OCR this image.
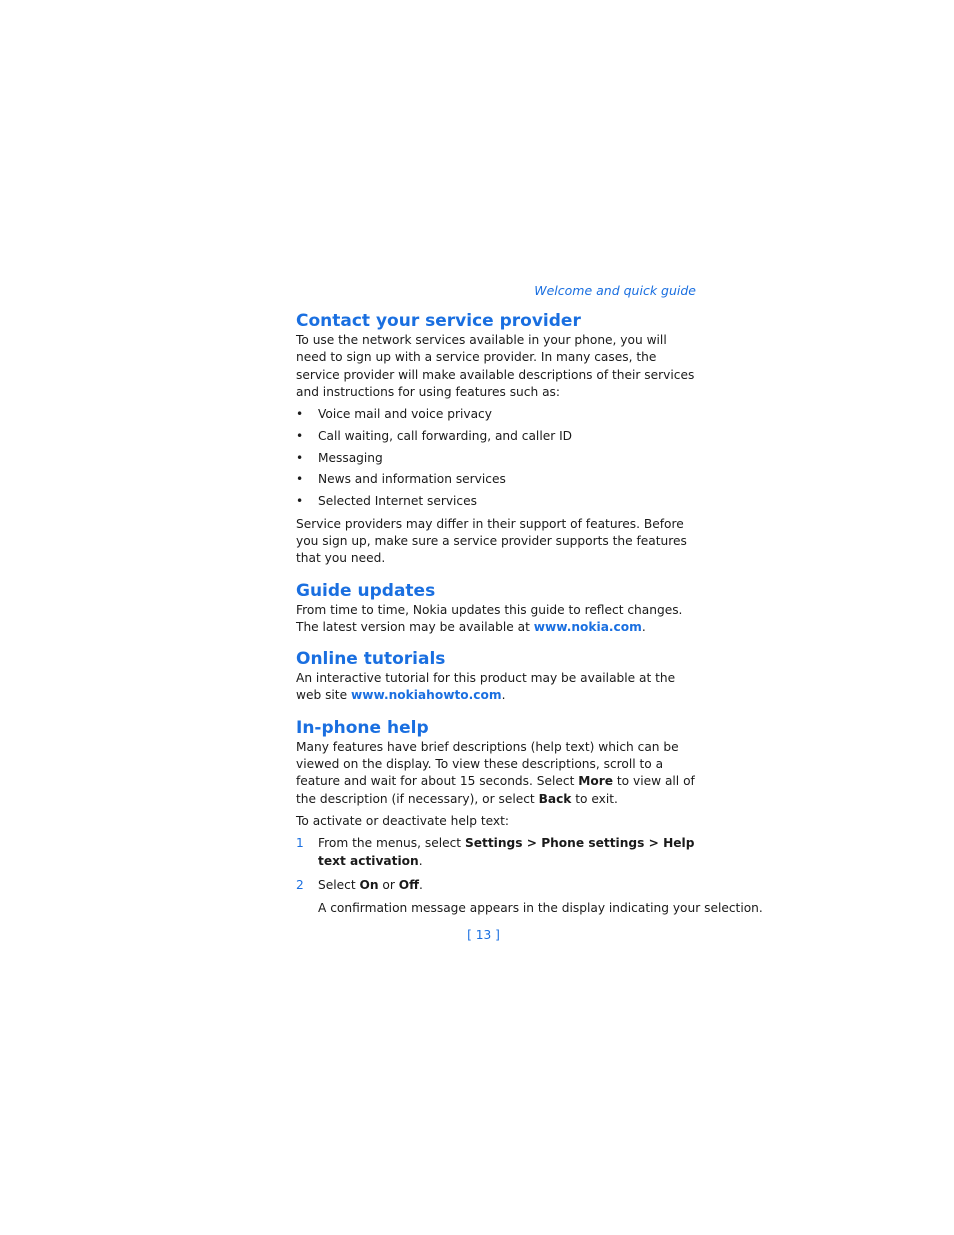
Welcome and quick guide
Contact your service provider

To use the network services available in your phone, you will need to sign up with a service provider. In many cases, the service provider will make available descriptions of their services and instructions for using features such as:

• Voice mail and voice privacy
• Call waiting, call forwarding, and caller ID
• Messaging
• News and information services
• Selected Internet services

Service providers may differ in their support of features. Before you sign up, make sure a service provider supports the features that you need.

Guide updates

From time to time, Nokia updates this guide to reflect changes. The latest version may be available at www.nokia.com.

Online tutorials

An interactive tutorial for this product may be available at the web site www.nokiahowto.com.

In-phone help

Many features have brief descriptions (help text) which can be viewed on the display. To view these descriptions, scroll to a feature and wait for about 15 seconds. Select More to view all of the description (if necessary), or select Back to exit.

To activate or deactivate help text:

1 From the menus, select Settings > Phone settings > Help text activation.
2 Select On or Off.
A confirmation message appears in the display indicating your selection.
[ 13 ]
